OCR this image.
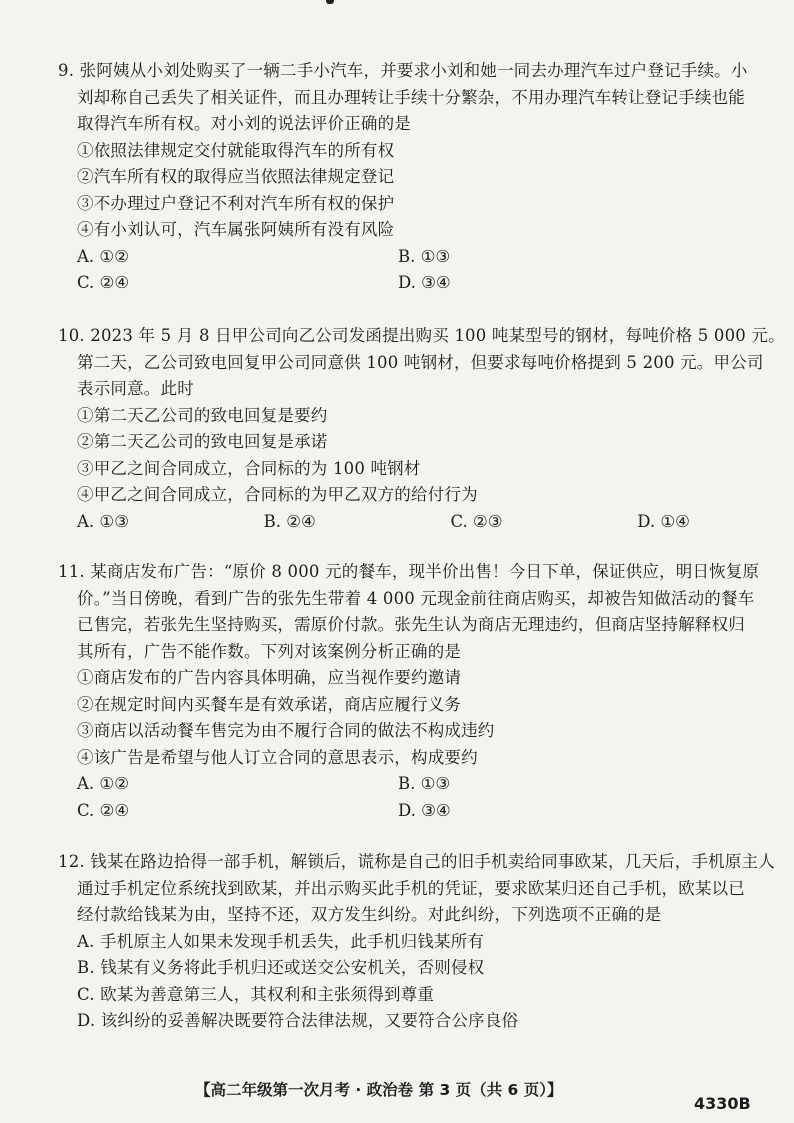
9. 张阿姨从小刘处购买了一辆二手小汽车，并要求小刘和她一同去办理汽车过户登记手续。小
刘却称自己丢失了相关证件，而且办理转让手续十分繁杂，不用办理汽车转让登记手续也能
取得汽车所有权。对小刘的说法评价正确的是
①依照法律规定交付就能取得汽车的所有权
②汽车所有权的取得应当依照法律规定登记
③不办理过户登记不利对汽车所有权的保护
④有小刘认可，汽车属张阿姨所有没有风险
A. ①②	B. ①③
C. ②④	D. ③④
10. 2023 年 5 月 8 日甲公司向乙公司发函提出购买 100 吨某型号的钢材，每吨价格 5 000 元。
第二天，乙公司致电回复甲公司同意供 100 吨钢材，但要求每吨价格提到 5 200 元。甲公司
表示同意。此时
①第二天乙公司的致电回复是要约
②第二天乙公司的致电回复是承诺
③甲乙之间合同成立，合同标的为 100 吨钢材
④甲乙之间合同成立，合同标的为甲乙双方的给付行为
A. ①③	B. ②④	C. ②③	D. ①④
11. 某商店发布广告：“原价 8 000 元的餐车，现半价出售！今日下单，保证供应，明日恢复原
价。”当日傍晚，看到广告的张先生带着 4 000 元现金前往商店购买，却被告知做活动的餐车
已售完，若张先生坚持购买，需原价付款。张先生认为商店无理违约，但商店坚持解释权归
其所有，广告不能作数。下列对该案例分析正确的是
①商店发布的广告内容具体明确，应当视作要约邀请
②在规定时间内买餐车是有效承诺，商店应履行义务
③商店以活动餐车售完为由不履行合同的做法不构成违约
④该广告是希望与他人订立合同的意思表示，构成要约
A. ①②	B. ①③
C. ②④	D. ③④
12. 钱某在路边拾得一部手机，解锁后，谎称是自己的旧手机卖给同事欧某，几天后，手机原主人
通过手机定位系统找到欧某，并出示购买此手机的凭证，要求欧某归还自己手机，欧某以已
经付款给钱某为由，坚持不还，双方发生纠纷。对此纠纷，下列选项不正确的是
A. 手机原主人如果未发现手机丢失，此手机归钱某所有
B. 钱某有义务将此手机归还或送交公安机关，否则侵权
C. 欧某为善意第三人，其权利和主张须得到尊重
D. 该纠纷的妥善解决既要符合法律法规，又要符合公序良俗
【高二年级第一次月考 · 政治卷 第 3 页（共 6 页）】
4330B
